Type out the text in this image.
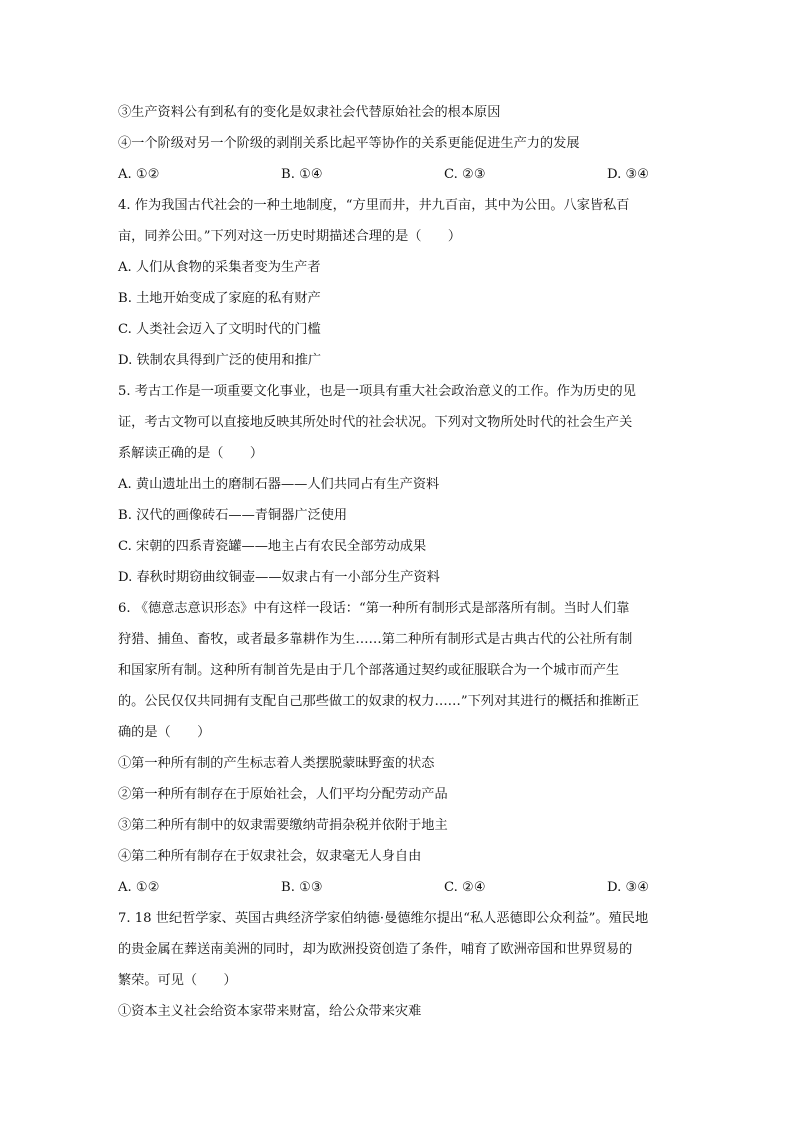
③生产资料公有到私有的变化是奴隶社会代替原始社会的根本原因
④一个阶级对另一个阶级的剥削关系比起平等协作的关系更能促进生产力的发展
A. ①②	B. ①④	C. ②③	D. ③④
4. 作为我国古代社会的一种土地制度，“方里而井，井九百亩，其中为公田。八家皆私百
亩，同养公田。”下列对这一历史时期描述合理的是（　　）
A. 人们从食物的采集者变为生产者
B. 土地开始变成了家庭的私有财产
C. 人类社会迈入了文明时代的门槛
D. 铁制农具得到广泛的使用和推广
5. 考古工作是一项重要文化事业，也是一项具有重大社会政治意义的工作。作为历史的见
证，考古文物可以直接地反映其所处时代的社会状况。下列对文物所处时代的社会生产关
系解读正确的是（　　）
A. 黄山遗址出土的磨制石器——人们共同占有生产资料
B. 汉代的画像砖石——青铜器广泛使用
C. 宋朝的四系青瓷罐——地主占有农民全部劳动成果
D. 春秋时期窃曲纹铜壶——奴隶占有一小部分生产资料
6. 《德意志意识形态》中有这样一段话：“第一种所有制形式是部落所有制。当时人们靠
狩猎、捕鱼、畜牧，或者最多靠耕作为生……第二种所有制形式是古典古代的公社所有制
和国家所有制。这种所有制首先是由于几个部落通过契约或征服联合为一个城市而产生
的。公民仅仅共同拥有支配自己那些做工的奴隶的权力……”下列对其进行的概括和推断正
确的是（　　）
①第一种所有制的产生标志着人类摆脱蒙昧野蛮的状态
②第一种所有制存在于原始社会，人们平均分配劳动产品
③第二种所有制中的奴隶需要缴纳苛捐杂税并依附于地主
④第二种所有制存在于奴隶社会，奴隶毫无人身自由
A. ①②	B. ①③	C. ②④	D. ③④
7. 18 世纪哲学家、英国古典经济学家伯纳德·曼德维尔提出“私人恶德即公众利益”。殖民地
的贵金属在葬送南美洲的同时，却为欧洲投资创造了条件，哺育了欧洲帝国和世界贸易的
繁荣。可见（　　）
①资本主义社会给资本家带来财富，给公众带来灾难
